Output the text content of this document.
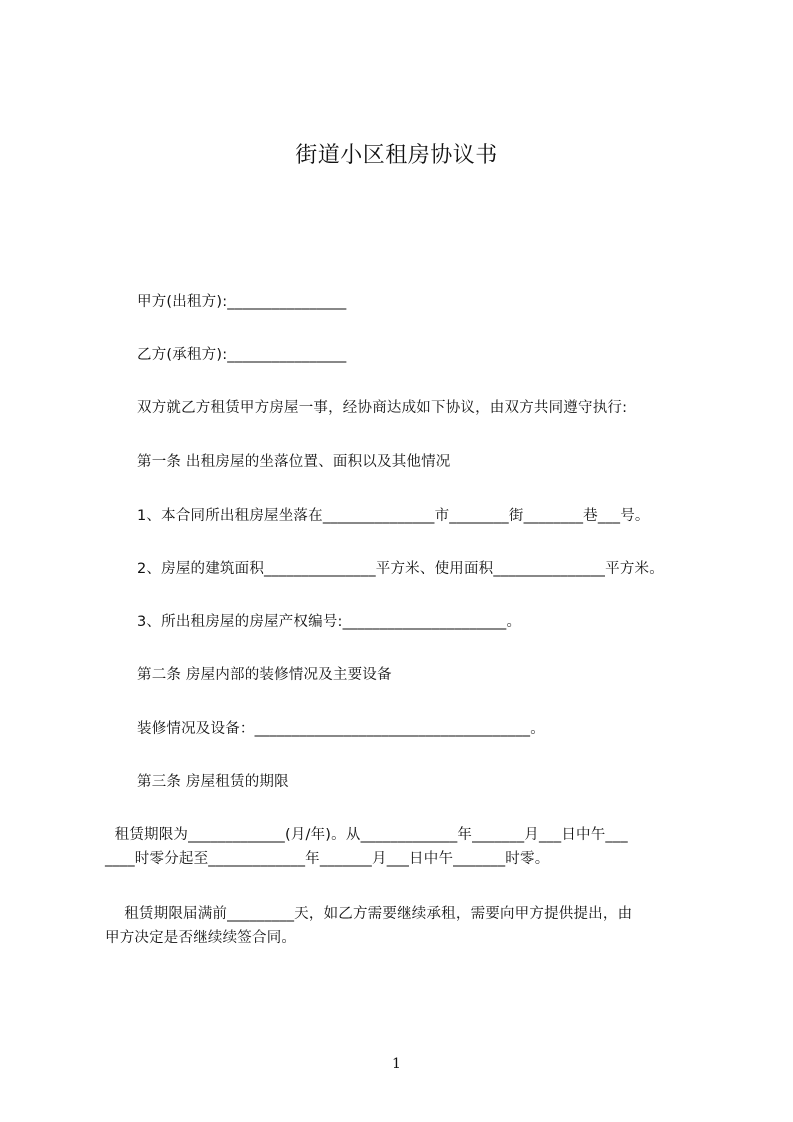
街道小区租房协议书
甲方(出租方):________________
乙方(承租方):________________
双方就乙方租赁甲方房屋一事，经协商达成如下协议，由双方共同遵守执行:
第一条 出租房屋的坐落位置、面积以及其他情况
1、本合同所出租房屋坐落在_______________市________街________巷___号。
2、房屋的建筑面积_______________平方米、使用面积_______________平方米。
3、所出租房屋的房屋产权编号:______________________。
第二条 房屋内部的装修情况及主要设备
装修情况及设备：_____________________________________。
第三条 房屋租赁的期限
租赁期限为_____________(月/年)。从_____________年_______月___日中午___
____时零分起至_____________年_______月___日中午_______时零。
租赁期限届满前_________天，如乙方需要继续承租，需要向甲方提供提出，由
甲方决定是否继续续签合同。
1
